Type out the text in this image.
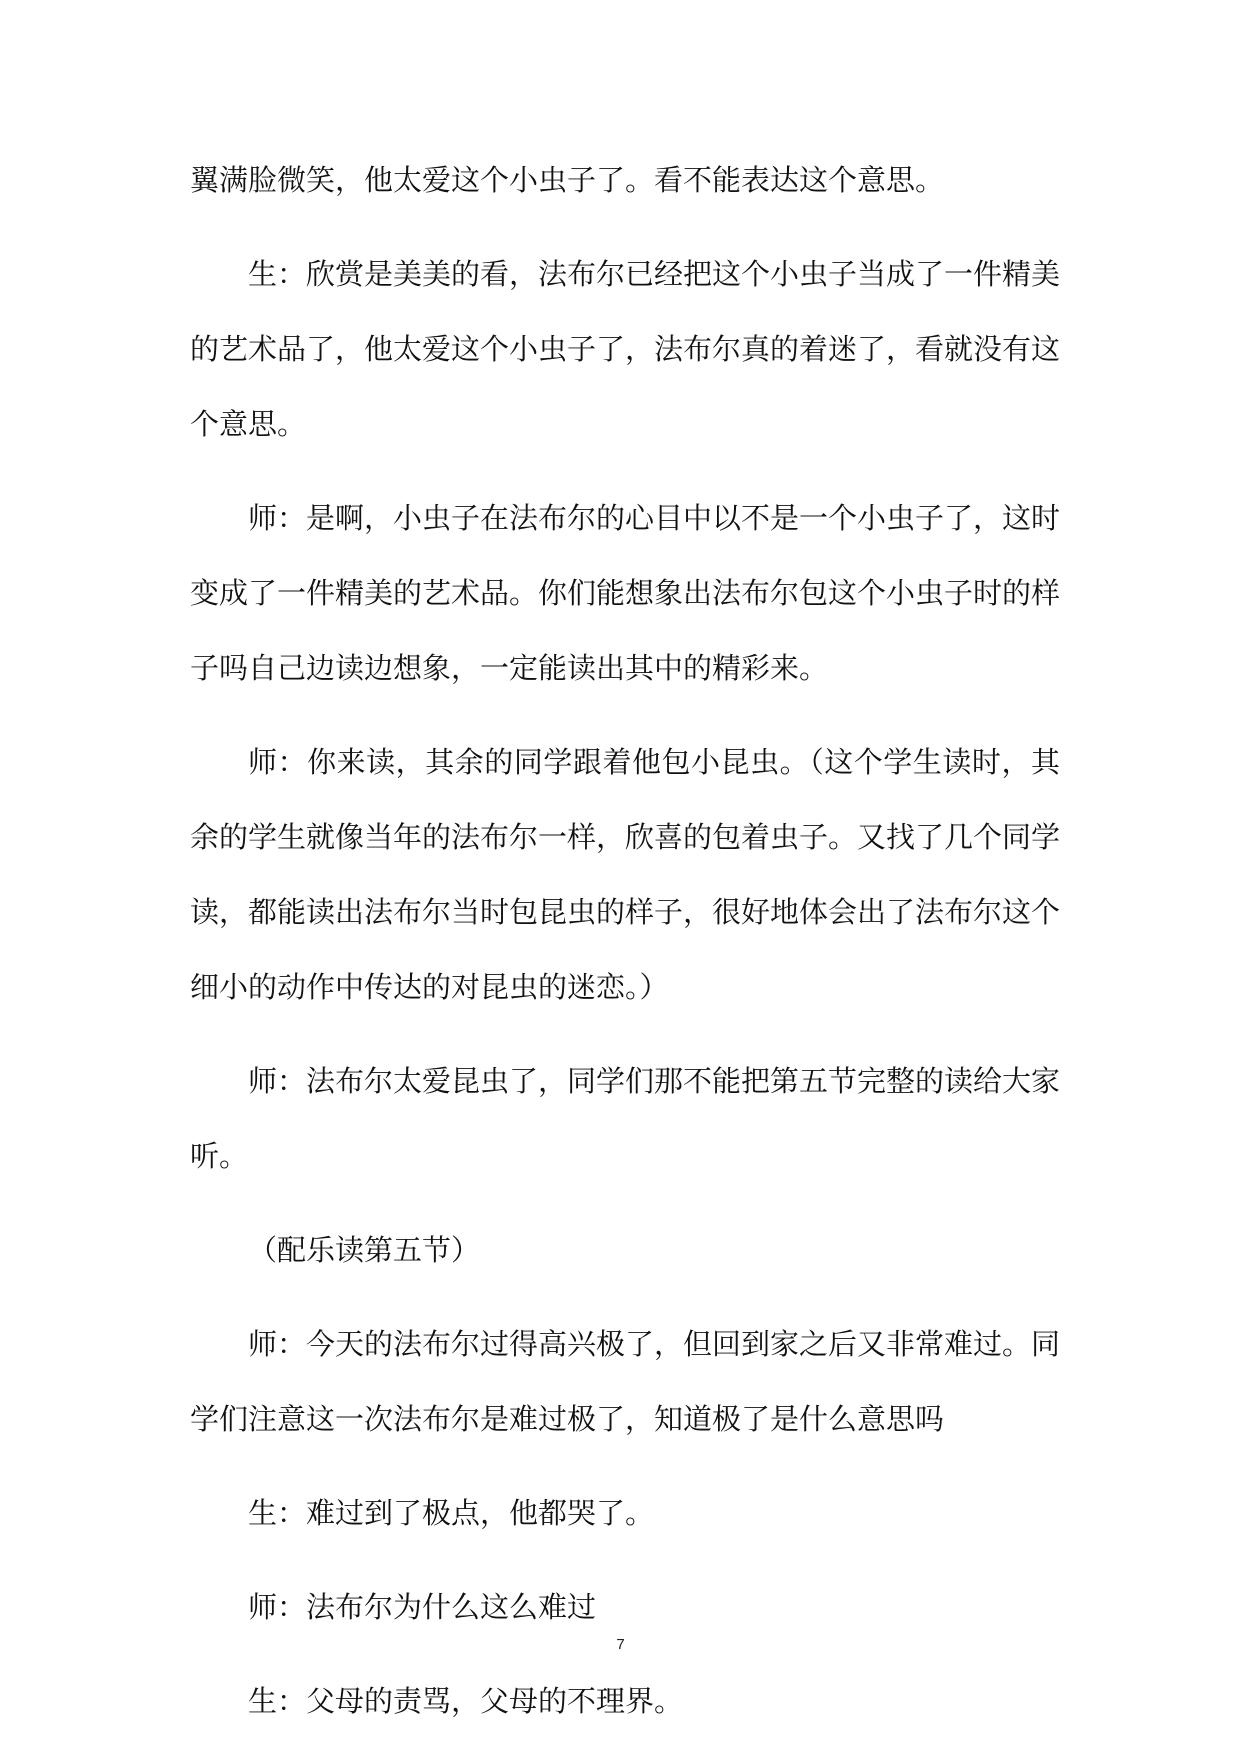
翼满脸微笑，他太爱这个小虫子了。看不能表达这个意思。

生：欣赏是美美的看，法布尔已经把这个小虫子当成了一件精美的艺术品了，他太爱这个小虫子了，法布尔真的着迷了，看就没有这个意思。

师：是啊，小虫子在法布尔的心目中以不是一个小虫子了，这时变成了一件精美的艺术品。你们能想象出法布尔包这个小虫子时的样子吗自己边读边想象，一定能读出其中的精彩来。

师：你来读，其余的同学跟着他包小昆虫。（这个学生读时，其余的学生就像当年的法布尔一样，欣喜的包着虫子。又找了几个同学读，都能读出法布尔当时包昆虫的样子，很好地体会出了法布尔这个细小的动作中传达的对昆虫的迷恋。）

师：法布尔太爱昆虫了，同学们那不能把第五节完整的读给大家听。

（配乐读第五节）

师：今天的法布尔过得高兴极了，但回到家之后又非常难过。同学们注意这一次法布尔是难过极了，知道极了是什么意思吗

生：难过到了极点，他都哭了。

师：法布尔为什么这么难过

生：父母的责骂，父母的不理界。

7
